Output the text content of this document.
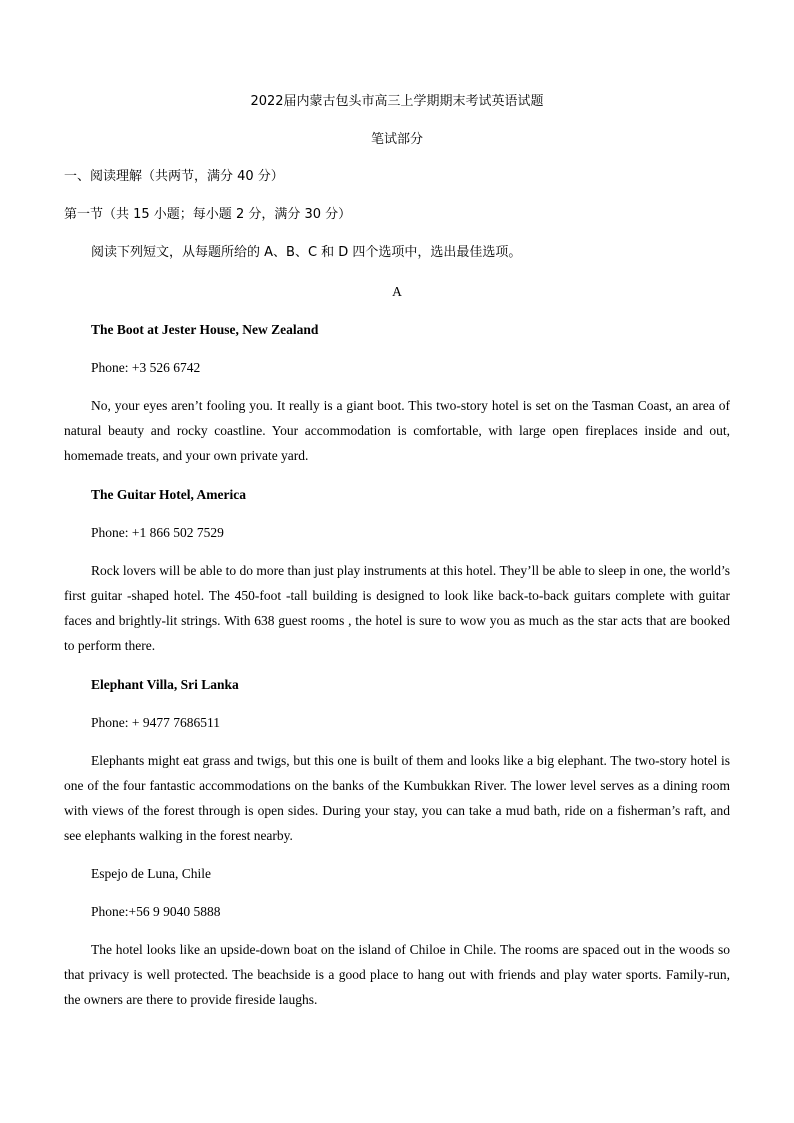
2022届内蒙古包头市高三上学期期末考试英语试题
笔试部分
一、阅读理解（共两节，满分 40 分）
第一节（共 15 小题；每小题 2 分，满分 30 分）
阅读下列短文，从每题所给的 A、B、C 和 D 四个选项中，选出最佳选项。
A
The Boot at Jester House, New Zealand
Phone: +3 526 6742
No, your eyes aren’t fooling you. It really is a giant boot. This two-story hotel is set on the Tasman Coast, an area of natural beauty and rocky coastline. Your accommodation is comfortable, with large open fireplaces inside and out, homemade treats, and your own private yard.
The Guitar Hotel, America
Phone: +1 866 502 7529
Rock lovers will be able to do more than just play instruments at this hotel. They’ll be able to sleep in one, the world’s first guitar -shaped hotel. The 450-foot -tall building is designed to look like back-to-back guitars complete with guitar faces and brightly-lit strings. With 638 guest rooms , the hotel is sure to wow you as much as the star acts that are booked to perform there.
Elephant Villa, Sri Lanka
Phone: + 9477 7686511
Elephants might eat grass and twigs, but this one is built of them and looks like a big elephant. The two-story hotel is one of the four fantastic accommodations on the banks of the Kumbukkan River. The lower level serves as a dining room with views of the forest through is open sides. During your stay, you can take a mud bath, ride on a fisherman’s raft, and see elephants walking in the forest nearby.
Espejo de Luna, Chile
Phone:+56 9 9040 5888
The hotel looks like an upside-down boat on the island of Chiloe in Chile. The rooms are spaced out in the woods so that privacy is well protected. The beachside is a good place to hang out with friends and play water sports. Family-run, the owners are there to provide fireside laughs.
